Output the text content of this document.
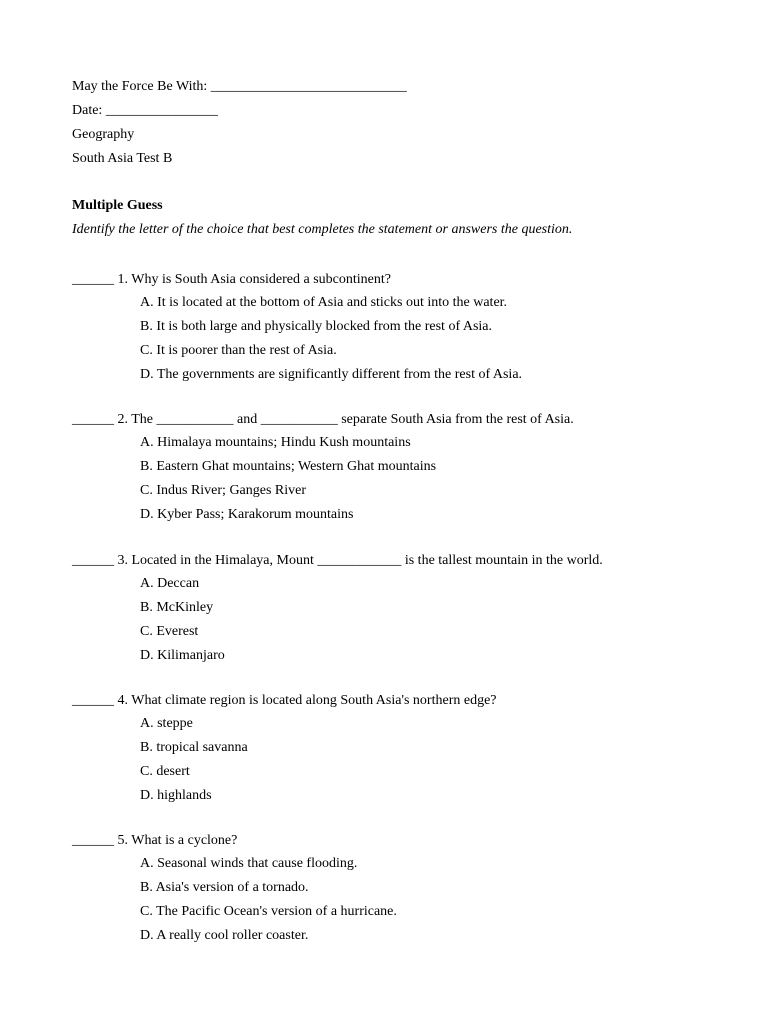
May the Force Be With: ____________________________
Date: ________________
Geography
South Asia Test B
Multiple Guess
Identify the letter of the choice that best completes the statement or answers the question.
______ 1. Why is South Asia considered a subcontinent?
A. It is located at the bottom of Asia and sticks out into the water.
B. It is both large and physically blocked from the rest of Asia.
C. It is poorer than the rest of Asia.
D. The governments are significantly different from the rest of Asia.
______ 2. The ___________ and ___________ separate South Asia from the rest of Asia.
A. Himalaya mountains; Hindu Kush mountains
B. Eastern Ghat mountains; Western Ghat mountains
C. Indus River; Ganges River
D. Kyber Pass; Karakorum mountains
______ 3. Located in the Himalaya, Mount ____________ is the tallest mountain in the world.
A. Deccan
B. McKinley
C. Everest
D. Kilimanjaro
______ 4. What climate region is located along South Asia's northern edge?
A. steppe
B. tropical savanna
C. desert
D. highlands
______ 5. What is a cyclone?
A. Seasonal winds that cause flooding.
B. Asia's version of a tornado.
C. The Pacific Ocean's version of a hurricane.
D. A really cool roller coaster.
